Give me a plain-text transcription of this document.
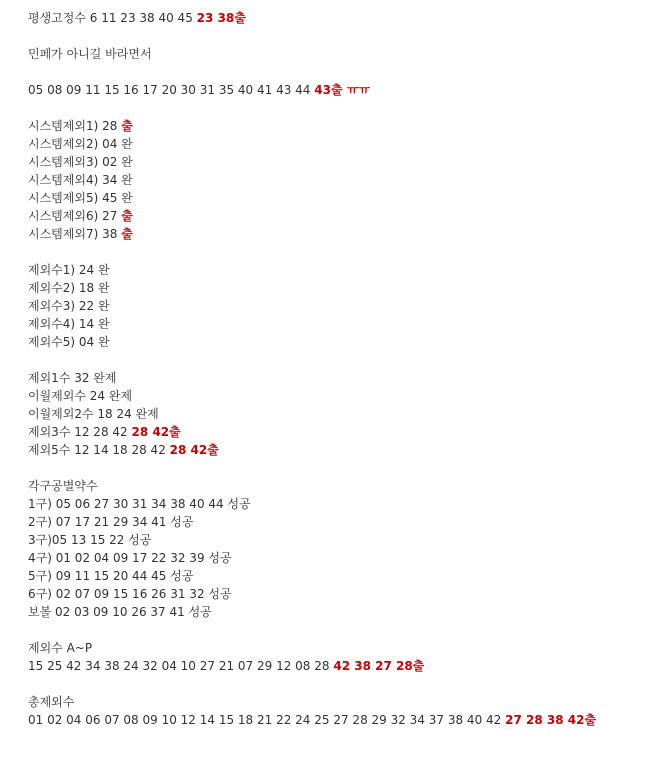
평생고정수 6 11 23 38 40 45 23 38출
민페가 아니길 바라면서
05 08 09 11 15 16 17 20 30 31 35 40 41 43 44 43출 ㅠㅠ
시스템제외1) 28 출
시스템제외2) 04 완
시스템제외3) 02 완
시스템제외4) 34 완
시스템제외5) 45 완
시스템제외6) 27 출
시스템제외7) 38 출
제외수1) 24 완
제외수2) 18 완
제외수3) 22 완
제외수4) 14 완
제외수5) 04 완
제외1수 32 완제
이월제외수 24 완제
이월제외2수 18 24 완제
제외3수 12 28 42 28 42출
제외5수 12 14 18 28 42 28 42출
각구공별약수
1구) 05 06 27 30 31 34 38 40 44 성공
2구) 07 17 21 29 34 41 성공
3구)05 13 15 22 성공
4구) 01 02 04 09 17 22 32 39 성공
5구) 09 11 15 20 44 45 성공
6구) 02 07 09 15 16 26 31 32 성공
보볼 02 03 09 10 26 37 41 성공
제외수 A~P
15 25 42 34 38 24 32 04 10 27 21 07 29 12 08 28 42 38 27 28출
총제외수
01 02 04 06 07 08 09 10 12 14 15 18 21 22 24 25 27 28 29 32 34 37 38 40 42 27 28 38 42출
